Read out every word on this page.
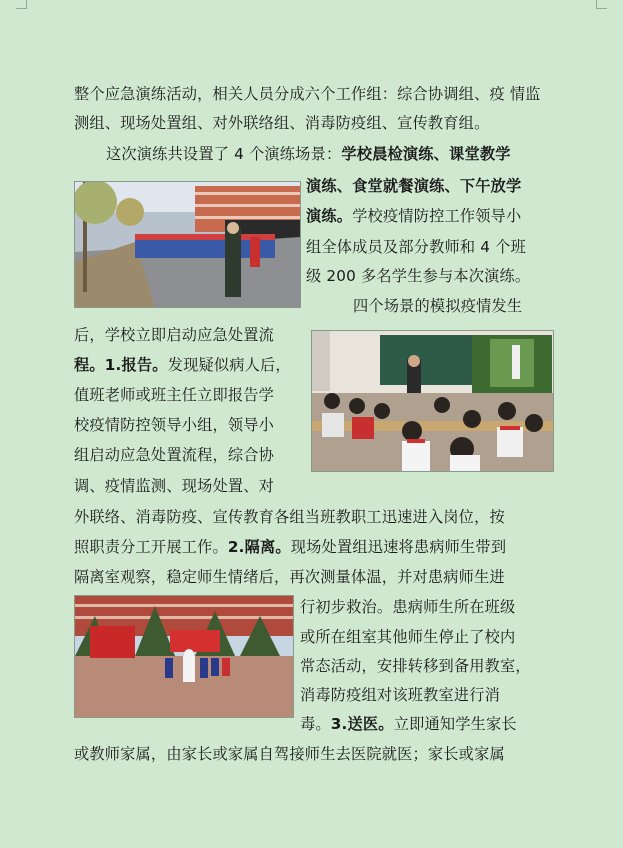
整个应急演练活动，相关人员分成六个工作组：综合协调组、疫 情监
测组、现场处置组、对外联络组、消毒防疫组、宣传教育组。
这次演练共设置了 4 个演练场景：学校晨检演练、课堂教学
演练、食堂就餐演练、下午放学
演练。学校疫情防控工作领导小
组全体成员及部分教师和 4 个班
级 200 多名学生参与本次演练。
四个场景的模拟疫情发生
后，学校立即启动应急处置流
程。1.报告。发现疑似病人后，
值班老师或班主任立即报告学
校疫情防控领导小组，领导小
组启动应急处置流程，综合协
调、疫情监测、现场处置、对
外联络、消毒防疫、宣传教育各组当班教职工迅速进入岗位，按
照职责分工开展工作。2.隔离。现场处置组迅速将患病师生带到
隔离室观察，稳定师生情绪后，再次测量体温，并对患病师生进
行初步救治。患病师生所在班级
或所在组室其他师生停止了校内
常态活动，安排转移到备用教室，
消毒防疫组对该班教室进行消
毒。3.送医。立即通知学生家长
或教师家属，由家长或家属自驾接师生去医院就医；家长或家属
